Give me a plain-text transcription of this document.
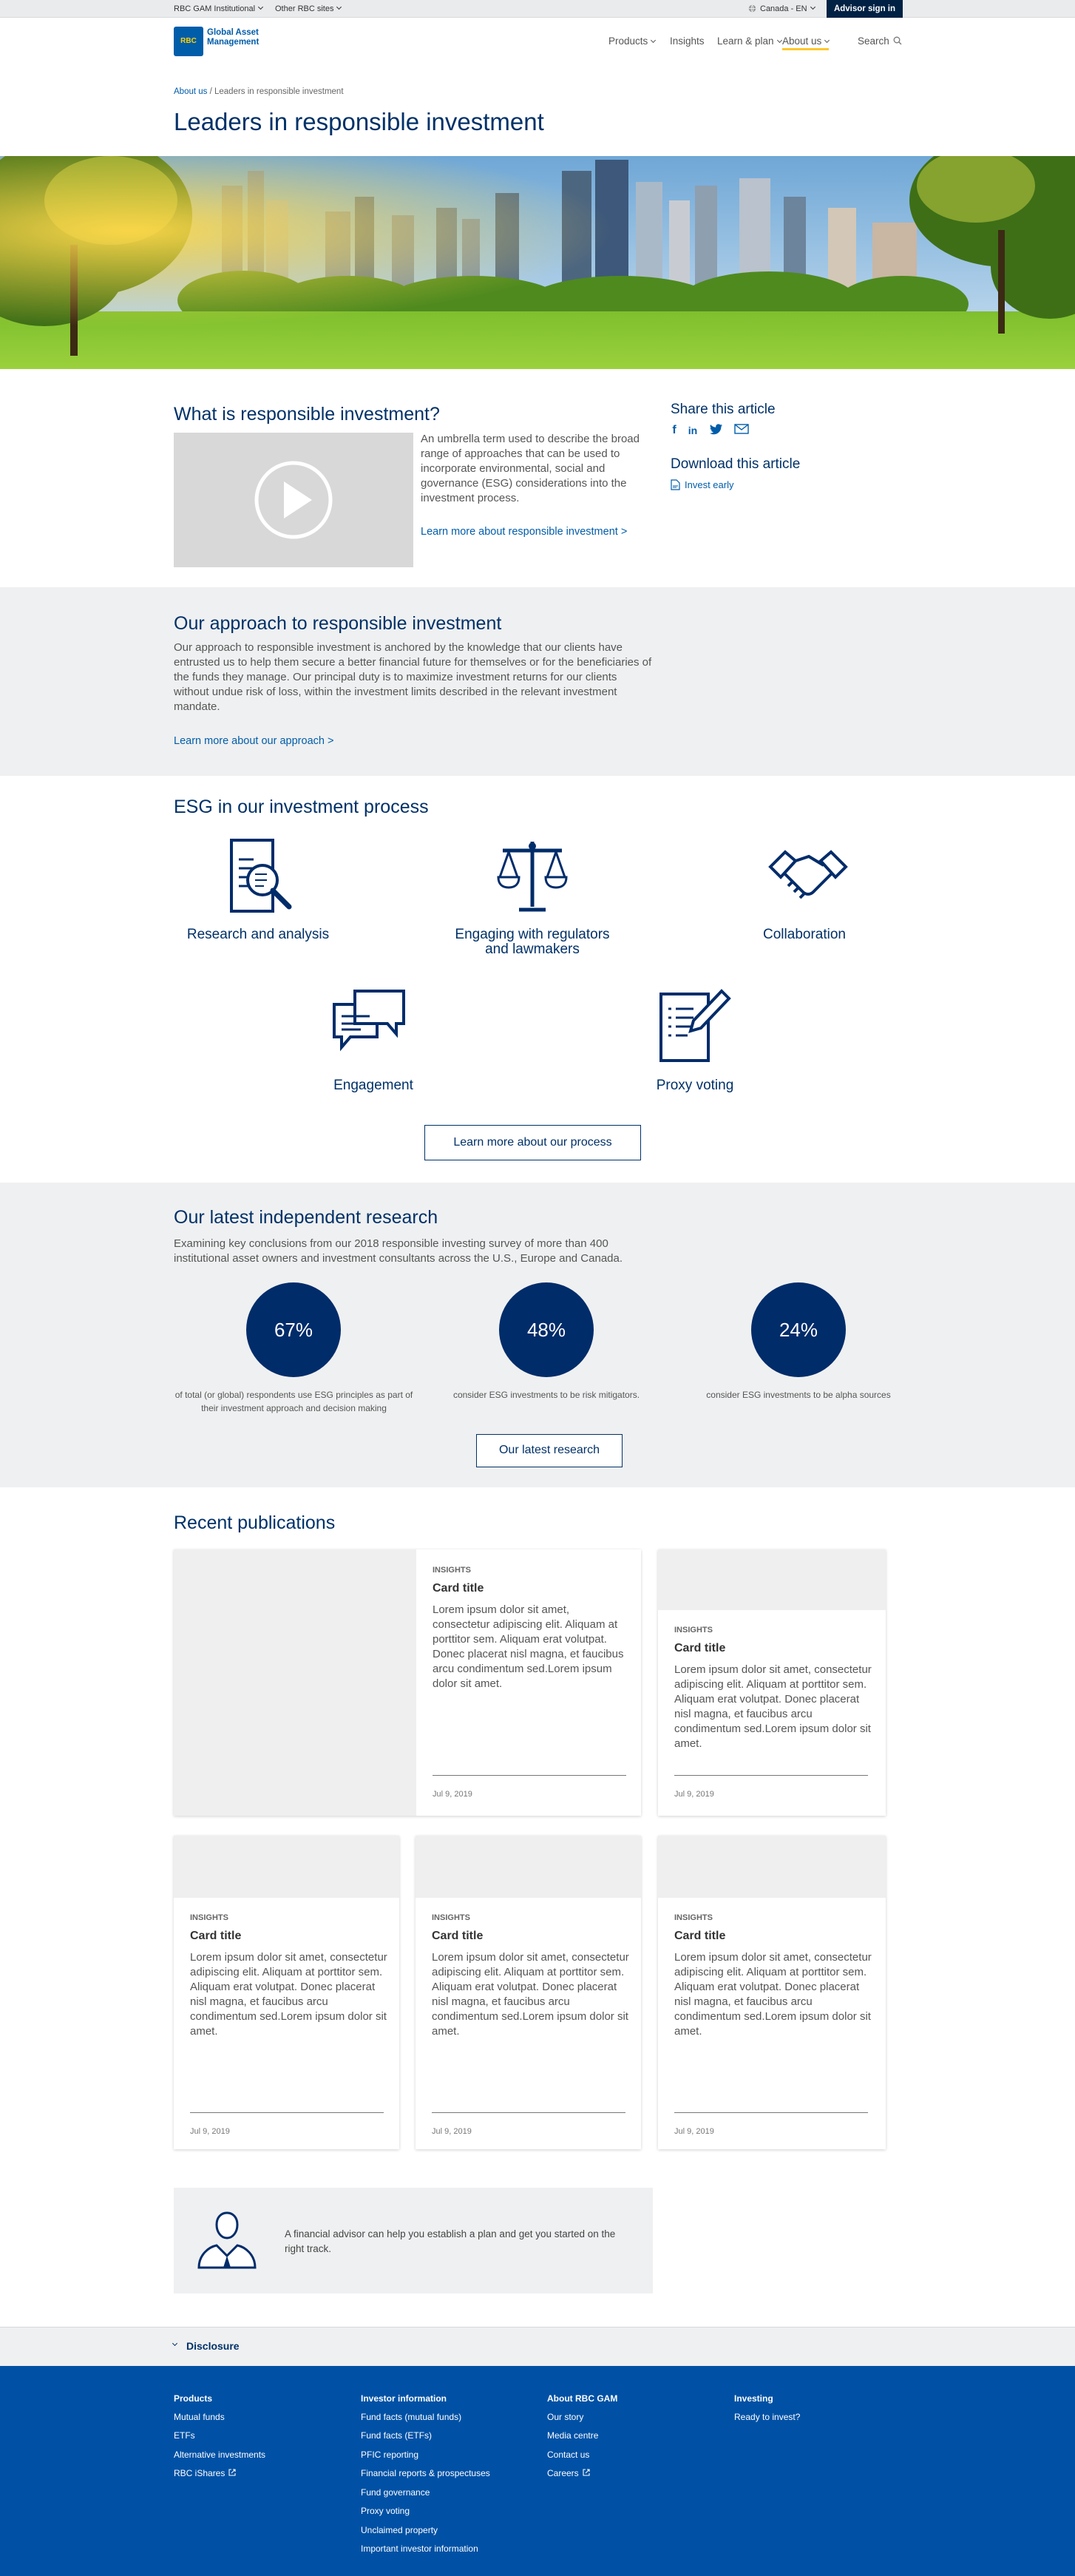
RBC GAM Institutional	Other RBC sites	Canada - EN	Advisor sign in
RBC
Global Asset
Management	Products	Insights Learn & plan About us	Search
About us / Leaders in responsible investment
Leaders in responsible investment
What is responsible investment?

An umbrella term used to describe the broad range of approaches that can be used to incorporate environmental, social and governance (ESG) considerations into the investment process.

Learn more about responsible investment >
Share this article
f	in
Download this article
Invest early
Our approach to responsible investment

Our approach to responsible investment is anchored by the knowledge that our clients have entrusted us to help them secure a better financial future for themselves or for the beneficiaries of the funds they manage. Our principal duty is to maximize investment returns for our clients without undue risk of loss, within the investment limits described in the relevant investment mandate.

Learn more about our approach >
ESG in our investment process
Research and analysis	Engaging with regulators and lawmakers
Collaboration
Engagement	Proxy voting
Learn more about our process
Our latest independent research

Examining key conclusions from our 2018 responsible investing survey of more than 400 institutional asset owners and investment consultants across the U.S., Europe and Canada.

67%
of total (or global) respondents use ESG principles as part of their investment approach and decision making
48%
consider ESG investments to be risk mitigators.
24%
consider ESG investments to be alpha sources
Our latest research
Recent publications
INSIGHTS
Card title
Lorem ipsum dolor sit amet, consectetur adipiscing elit. Aliquam at porttitor sem. Aliquam erat volutpat. Donec placerat nisl magna, et faucibus arcu condimentum sed.Lorem ipsum dolor sit amet.
Jul 9, 2019
INSIGHTS
Card title
Lorem ipsum dolor sit amet, consectetur adipiscing elit. Aliquam at porttitor sem. Aliquam erat volutpat. Donec placerat nisl magna, et faucibus arcu condimentum sed.Lorem ipsum dolor sit amet.
Jul 9, 2019
INSIGHTS
Card title
Lorem ipsum dolor sit amet, consectetur adipiscing elit. Aliquam at porttitor sem. Aliquam erat volutpat. Donec placerat nisl magna, et faucibus arcu condimentum sed.Lorem ipsum dolor sit amet.
Jul 9, 2019
INSIGHTS
Card title
Lorem ipsum dolor sit amet, consectetur adipiscing elit. Aliquam at porttitor sem. Aliquam erat volutpat. Donec placerat nisl magna, et faucibus arcu condimentum sed.Lorem ipsum dolor sit amet.
Jul 9, 2019
INSIGHTS
Card title
Lorem ipsum dolor sit amet, consectetur adipiscing elit. Aliquam at porttitor sem. Aliquam erat volutpat. Donec placerat nisl magna, et faucibus arcu condimentum sed.Lorem ipsum dolor sit amet.
Jul 9, 2019

A financial advisor can help you establish a plan and get you started on the right track.

Disclosure
Products
Mutual funds
ETFs
Alternative investments
RBC iShares
Investor information
Fund facts (mutual funds)
Fund facts (ETFs)
PFIC reporting
Financial reports & prospectuses
Fund governance
Proxy voting
Unclaimed property
Important investor information
About RBC GAM
Our story
Media centre
Contact us
Careers
Investing
Ready to invest?
